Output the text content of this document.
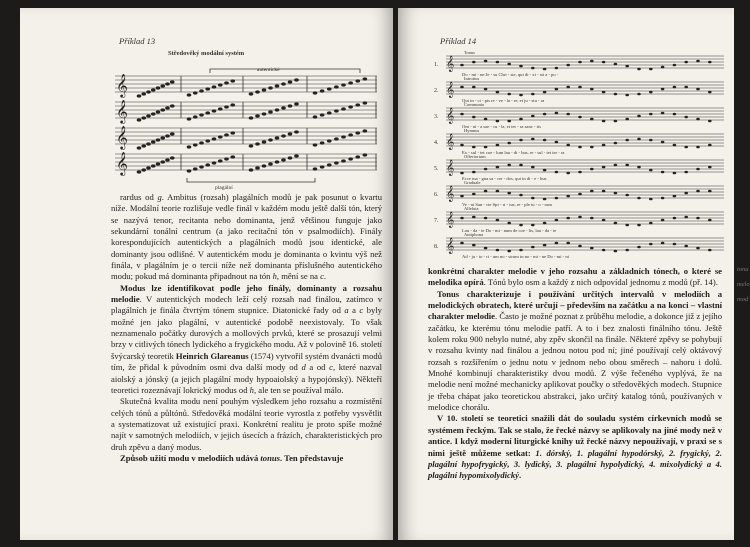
Příklad 13
Středověký modální systém
𝄞
𝄞
𝄞
𝄞
autentické
plagální

rardus od g. Ambitus (rozsah) plagálních modů je pak posunut o kvartu níže. Modální teorie rozlišuje vedle finál v každém modu ještě další tón, který se nazývá tenor, recitanta nebo dominanta, jenž většinou funguje jako sekundární tonální centrum (a jako recitační tón v psalmodiích). Finály korespondujících autentických a plagálních modů jsou identické, ale dominanty jsou odlišné. V autentickém modu je dominanta o kvintu výš než finála, v plagálním je o tercii níže než dominanta příslušného autentického modu; pokud má dominanta připadnout na tón h, mění se na c.

Modus lze identifikovat podle jeho finály, dominanty a rozsahu melodie. V autentických modech leží celý rozsah nad finálou, zatímco v plagálních je finála čtvrtým tónem stupnice. Diatonické řady od a a c byly možné jen jako plagální, v autentické podobě neexistovaly. To však neznamenalo počátky durových a mollových prvků, které se prosazují velmi brzy v citlivých tónech lydického a frygického modu. Až v polovině 16. století švýcarský teoretik Heinrich Glareanus (1574) vytvořil systém dvanácti modů tím, že přidal k původním osmi dva další mody od d a od c, které nazval aiolský a jónský (a jejich plagální mody hypoaiolský a hypojónský). Někteří teoretici rozeznávají lokrický modus od h, ale ten se používal málo.

Skutečná kvalita modu není pouhým výsledkem jeho rozsahu a rozmístění celých tónů a půltónů. Středověká modální teorie vyrostla z potřeby vysvětlit a systematizovat už existující praxi. Konkrétní realitu je proto spíše možné najít v samotných melodiích, v jejich úsecích a frázích, charakteristických pro druh zpěvu a daný modus.

Způsob užití modu v melodiích udává tonus. Ten představuje

Příklad 14
1.
Tonus
𝄞
Do - mi - ne Je - su Chri - ste, qui di - xi - sti a - po -
2.
Introitus
𝄞
Qui in - ci - pis re - ve - la - re, et ju - stu - ra
3.
Communio
𝄞
Om - ni - a sae - cu - la, et ter - ra sanc - tis
4.
Hymnus
𝄞
Ex - sul - tet coe - lum lau - di - bus, re - sul - tet ter - ra
5.
Offertorium
𝄞
Ecce ma - gna sa - cer - dos, qui in di - e - bus
6.
Graduale
𝄞
Ve - ni San - cte Spi - ri - tus, re - ple tu - o - rum
7.
Alleluia
𝄞
Lau - da - te Do - mi - num de coe - lis, lau - da - te
8.
Antiphona
𝄞
Ad - ju - to - ri - um no - strum in no - mi - ne Do - mi - ni

konkrétní charakter melodie v jeho rozsahu a základních tónech, o které se melodika opírá. Tónů bylo osm a každý z nich odpovídal jednomu z modů (př. 14).

Tonus charakterizuje i používání určitých intervalů v melodiích a melodických obratech, které určují – především na začátku a na konci – vlastní charakter melodie. Často je možné poznat z průběhu melodie, a dokonce již z jejího začátku, ke kterému tónu melodie patří. A to i bez znalosti finálního tónu. Ještě kolem roku 900 nebylo nutné, aby zpěv skončil na finále. Některé zpěvy se pohybují v rozsahu kvinty nad finálou a jednou notou pod ní; jiné používají celý oktávový rozsah s rozšířením o jednu notu v jednom nebo obou směrech – nahoru i dolů. Mnohé kombinují charakteristiky dvou modů. Z výše řečeného vyplývá, že na melodie není možné mechanicky aplikovat poučky o středověkých modech. Stupnice je třeba chápat jako teoretickou abstrakci, jako určitý katalog tónů, používaných v melodice chorálu.

V 10. století se teoretici snažili dát do souladu systém církevních modů se systémem řeckým. Tak se stalo, že řecké názvy se aplikovaly na jiné mody než v antice. I když moderní liturgické knihy už řecké názvy nepoužívají, v praxi se s nimi ještě můžeme setkat: 1. dórský, 1. plagální hypodórský, 2. frygický, 2. plagální hypofrygický, 3. lydický, 3. plagální hypolydický, 4. mixolydický a 4. plagální hypomixolydický.

tonu
melo
mod
